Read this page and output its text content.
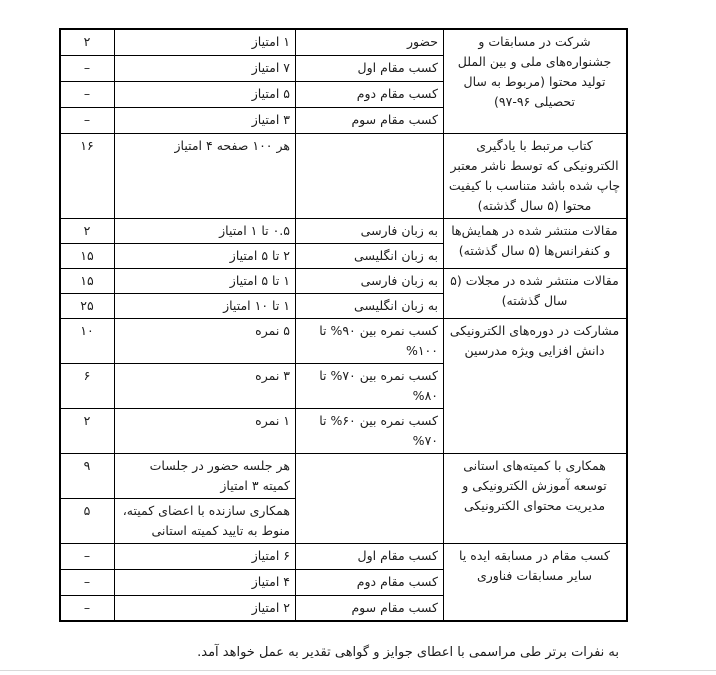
شرکت در مسابقات و جشنواره‌های ملی و بین الملل تولید محتوا (مربوط به سال تحصیلی ۹۶-۹۷)	حضور	۱ امتیاز	۲
	کسب مقام اول	۷ امتیاز	–
	کسب مقام دوم	۵ امتیاز	–
	کسب مقام سوم	۳ امتیاز	–
کتاب مرتبط با یادگیری الکترونیکی که توسط ناشر معتبر چاپ شده باشد متناسب با کیفیت محتوا (۵ سال گذشته)		هر ۱۰۰ صفحه ۴ امتیاز	۱۶
مقالات منتشر شده در همایش‌ها و کنفرانس‌ها (۵ سال گذشته)	به زبان فارسی	۰.۵ تا ۱ امتیاز	۲
	به زبان انگلیسی	۲ تا ۵ امتیاز	۱۵
مقالات منتشر شده در مجلات (۵ سال گذشته)	به زبان فارسی	۱ تا ۵ امتیاز	۱۵
	به زبان انگلیسی	۱ تا ۱۰ امتیاز	۲۵
مشارکت در دوره‌های الکترونیکی دانش افزایی ویژه مدرسین	کسب نمره بین ۹۰% تا ۱۰۰%	۵ نمره	۱۰
	کسب نمره بین ۷۰% تا ۸۰%	۳ نمره	۶
	کسب نمره بین ۶۰% تا ۷۰%	۱ نمره	۲
همکاری با کمیته‌های استانی توسعه آموزش الکترونیکی و مدیریت محتوای الکترونیکی		هر جلسه حضور در جلسات کمیته ۳ امتیاز	۹
		همکاری سازنده با اعضای کمیته، منوط به تایید کمیته استانی	۵
کسب مقام در مسابقه ایده یا سایر مسابقات فناوری	کسب مقام اول	۶ امتیاز	–
	کسب مقام دوم	۴ امتیاز	–
	کسب مقام سوم	۲ امتیاز	–
به نفرات برتر طی مراسمی با اعطای جوایز و گواهی تقدیر به عمل خواهد آمد.
